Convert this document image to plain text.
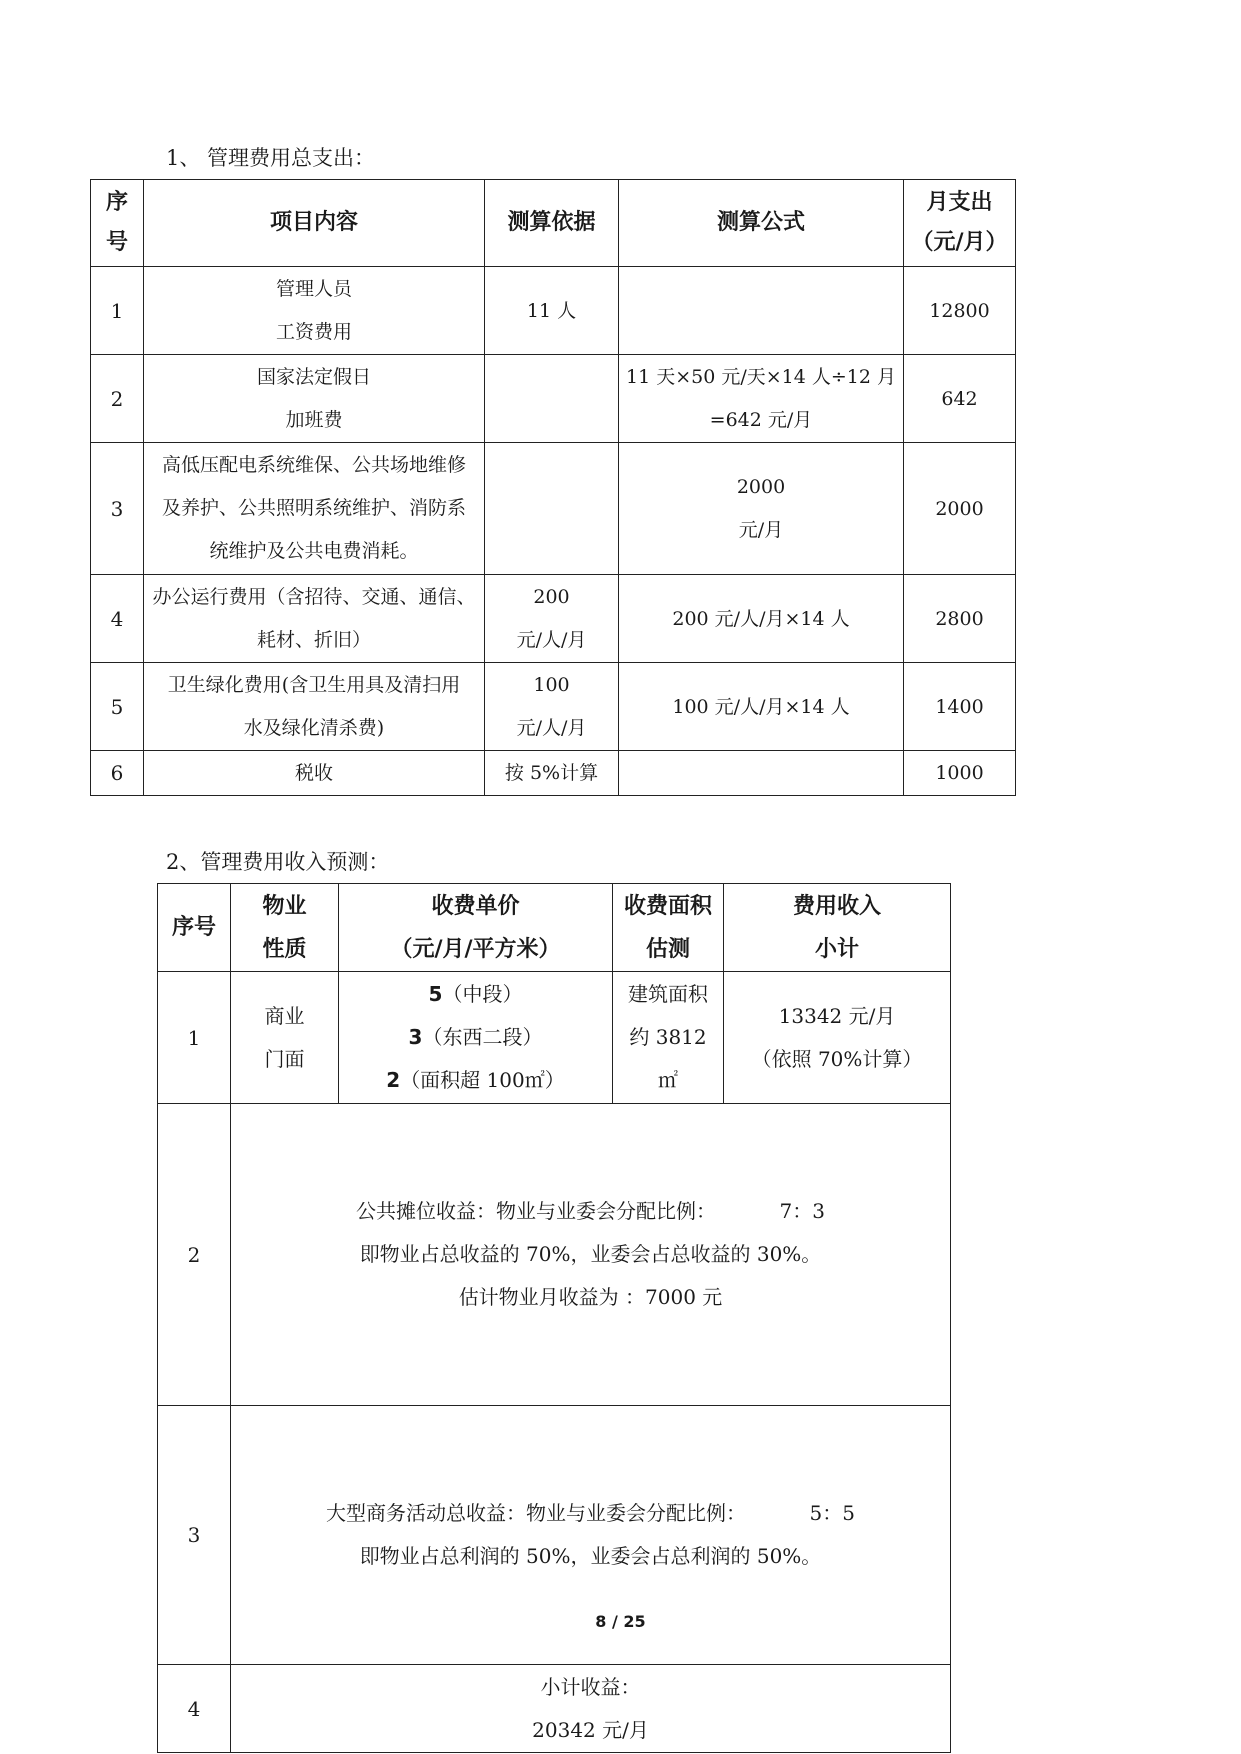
1、 管理费用总支出：
序
号	项目内容	测算依据	测算公式	月支出
（元/月）

1	管理人员
工资费用	11 人		12800
2	国家法定假日
加班费		11 天×50 元/天×14 人÷12 月
=642 元/月	642
3	高低压配电系统维保、公共场地维修
及养护、公共照明系统维护、消防系
统维护及公共电费消耗。		2000
元/月	2000
4	办公运行费用（含招待、交通、通信、
耗材、折旧）	200
元/人/月	200 元/人/月×14 人	2800
5	卫生绿化费用(含卫生用具及清扫用
水及绿化清杀费)	100
元/人/月	100 元/人/月×14 人	1400
6	税收	按 5%计算		1000
2、管理费用收入预测：
序号	物业
性质	收费单价
（元/月/平方米）	收费面积
估测	费用收入
小计

1	商业
门面	5（中段）
3（东西二段）
2（面积超 100㎡）	建筑面积
约 3812
㎡	13342 元/月
（依照 70%计算）

2	公共摊位收益：物业与业委会分配比例：          7：3
即物业占总收益的 70%，业委会占总收益的 30%。
估计物业月收益为 ：7000 元			

3	大型商务活动总收益：物业与业委会分配比例：          5：5
即物业占总利润的 50%，业委会占总利润的 50%。			

4	小计收益：
20342 元/月			
8 / 25
